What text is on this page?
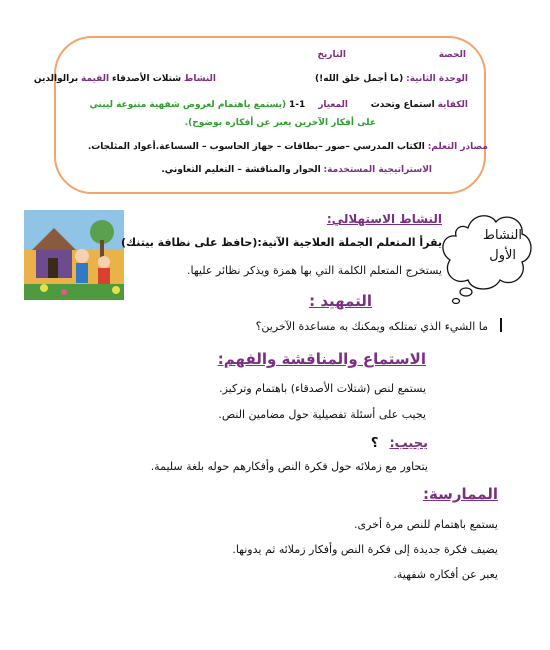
الحصة
التاريخ
الوحدة الثانية: (ما أجمل خلق الله!)
النشاط شتلات الأصدقاء القيمة برالوالدين
الكفاية استماع وتحدث
المعيار 1-1 (يستمع باهتمام لعروض شفهية متنوعة ليبني
على أفكار الآخرين يعبر عن أفكاره بوضوح).
مصادر التعلم: الكتاب المدرسي –صور –بطاقات – جهاز الحاسوب – السساعة.أعواد المثلجات.
الاستراتيجية المستخدمة: الحوار والمناقشة – التعليم التعاوني.
النشاط
الأول
النشاط الاستهلالي:
يقرأ المتعلم الجملة العلاجية الآتية:(حافظ على نظافة بيتنك)
يستخرج المتعلم الكلمة التي بها همزة ويذكر نظائر عليها.
التمهيد :
ما الشيء الذي تمتلكه ويمكنك به مساعدة الآخرين؟
الاستماع والمناقشة والفهم:
يستمع لنص (شتلات الأصدقاء) باهتمام وتركيز.
يجيب على أسئلة تفصيلية حول مضامين النص.
يجيب: ؟
يتحاور مع زملائه حول فكرة النص وأفكارهم حوله بلغة سليمة.
الممارسة:
يستمع باهتمام للنص مرة أخرى.
يضيف فكرة جديدة إلى فكرة النص وأفكار زملائه ثم يدونها.
يعبر عن أفكاره شفهية.
